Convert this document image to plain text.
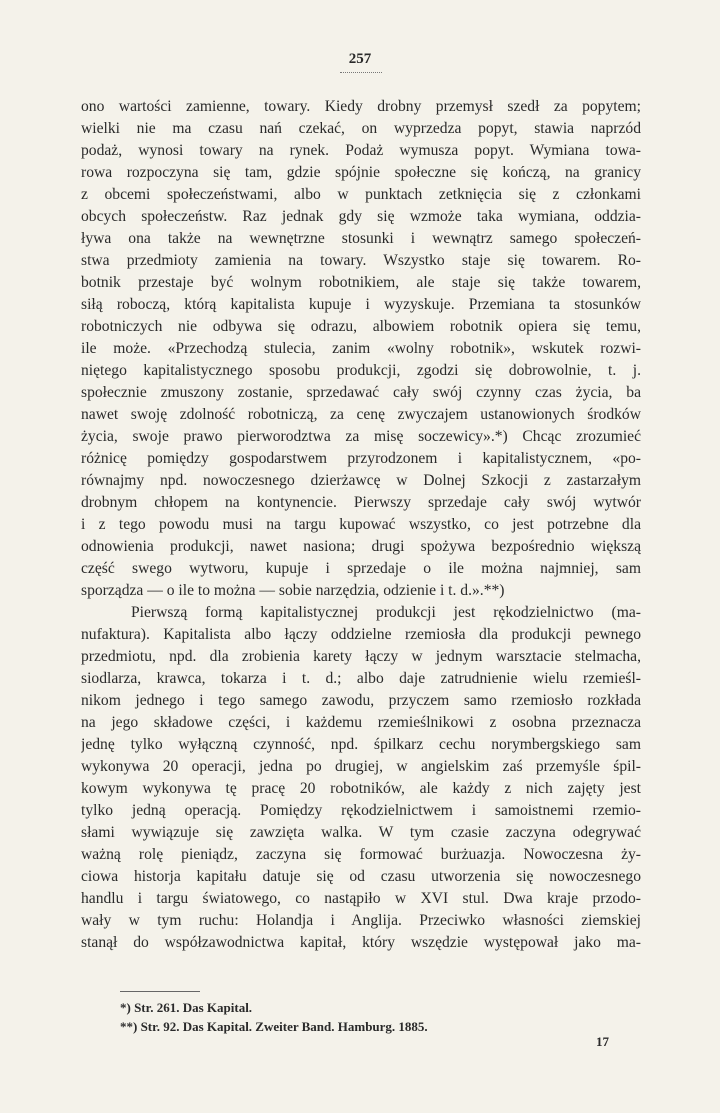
257
ono wartości zamienne, towary. Kiedy drobny przemysł szedł za popytem;
wielki nie ma czasu nań czekać, on wyprzedza popyt, stawia naprzód
podaż, wynosi towary na rynek. Podaż wymusza popyt. Wymiana towa-
rowa rozpoczyna się tam, gdzie spójnie społeczne się kończą, na granicy
z obcemi społeczeństwami, albo w punktach zetknięcia się z członkami
obcych społeczeństw. Raz jednak gdy się wzmoże taka wymiana, oddzia-
ływa ona także na wewnętrzne stosunki i wewnątrz samego społeczeń-
stwa przedmioty zamienia na towary. Wszystko staje się towarem. Ro-
botnik przestaje być wolnym robotnikiem, ale staje się także towarem,
siłą roboczą, którą kapitalista kupuje i wyzyskuje. Przemiana ta stosunków
robotniczych nie odbywa się odrazu, albowiem robotnik opiera się temu,
ile może. «Przechodzą stulecia, zanim «wolny robotnik», wskutek rozwi-
niętego kapitalistycznego sposobu produkcji, zgodzi się dobrowolnie, t. j.
społecznie zmuszony zostanie, sprzedawać cały swój czynny czas życia, ba
nawet swoję zdolność robotniczą, za cenę zwyczajem ustanowionych środków
życia, swoje prawo pierworodztwa za misę soczewicy».*) Chcąc zrozumieć
różnicę pomiędzy gospodarstwem przyrodzonem i kapitalistycznem, «po-
równajmy npd. nowoczesnego dzierżawcę w Dolnej Szkocji z zastarzałym
drobnym chłopem na kontynencie. Pierwszy sprzedaje cały swój wytwór
i z tego powodu musi na targu kupować wszystko, co jest potrzebne dla
odnowienia produkcji, nawet nasiona; drugi spożywa bezpośrednio większą
część swego wytworu, kupuje i sprzedaje o ile można najmniej, sam
sporządza — o ile to można — sobie narzędzia, odzienie i t. d.».**)
Pierwszą formą kapitalistycznej produkcji jest rękodzielnictwo (ma-
nufaktura). Kapitalista albo łączy oddzielne rzemiosła dla produkcji pewnego
przedmiotu, npd. dla zrobienia karety łączy w jednym warsztacie stelmacha,
siodlarza, krawca, tokarza i t. d.; albo daje zatrudnienie wielu rzemieśl-
nikom jednego i tego samego zawodu, przyczem samo rzemiosło rozkłada
na jego składowe części, i każdemu rzemieślnikowi z osobna przeznacza
jednę tylko wyłączną czynność, npd. śpilkarz cechu norymbergskiego sam
wykonywa 20 operacji, jedna po drugiej, w angielskim zaś przemyśle śpil-
kowym wykonywa tę pracę 20 robotników, ale każdy z nich zajęty jest
tylko jedną operacją. Pomiędzy rękodzielnictwem i samoistnemi rzemio-
słami wywiązuje się zawzięta walka. W tym czasie zaczyna odegrywać
ważną rolę pieniądz, zaczyna się formować burżuazja. Nowoczesna ży-
ciowa historja kapitału datuje się od czasu utworzenia się nowoczesnego
handlu i targu światowego, co nastąpiło w XVI stul. Dwa kraje przodo-
wały w tym ruchu: Holandja i Anglija. Przeciwko własności ziemskiej
stanął do współzawodnictwa kapitał, który wszędzie występował jako ma-
*) Str. 261. Das Kapital.
**) Str. 92. Das Kapital. Zweiter Band. Hamburg. 1885.
17
